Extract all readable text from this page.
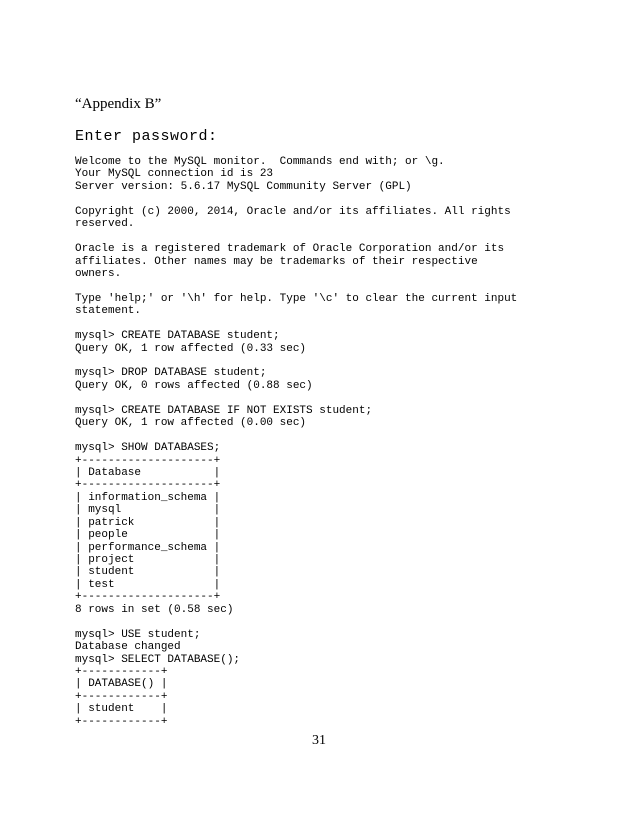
“Appendix B”
Enter password:
Welcome to the MySQL monitor.  Commands end with; or \g.
Your MySQL connection id is 23
Server version: 5.6.17 MySQL Community Server (GPL)
Copyright (c) 2000, 2014, Oracle and/or its affiliates. All rights
reserved.
Oracle is a registered trademark of Oracle Corporation and/or its
affiliates. Other names may be trademarks of their respective
owners.
Type 'help;' or '\h' for help. Type '\c' to clear the current input
statement.
mysql> CREATE DATABASE student;
Query OK, 1 row affected (0.33 sec)
mysql> DROP DATABASE student;
Query OK, 0 rows affected (0.88 sec)
mysql> CREATE DATABASE IF NOT EXISTS student;
Query OK, 1 row affected (0.00 sec)
mysql> SHOW DATABASES;
+--------------------+
| Database           |
+--------------------+
| information_schema |
| mysql              |
| patrick            |
| people             |
| performance_schema |
| project            |
| student            |
| test               |
+--------------------+
8 rows in set (0.58 sec)
mysql> USE student;
Database changed
mysql> SELECT DATABASE();
+------------+
| DATABASE() |
+------------+
| student    |
+------------+
31
